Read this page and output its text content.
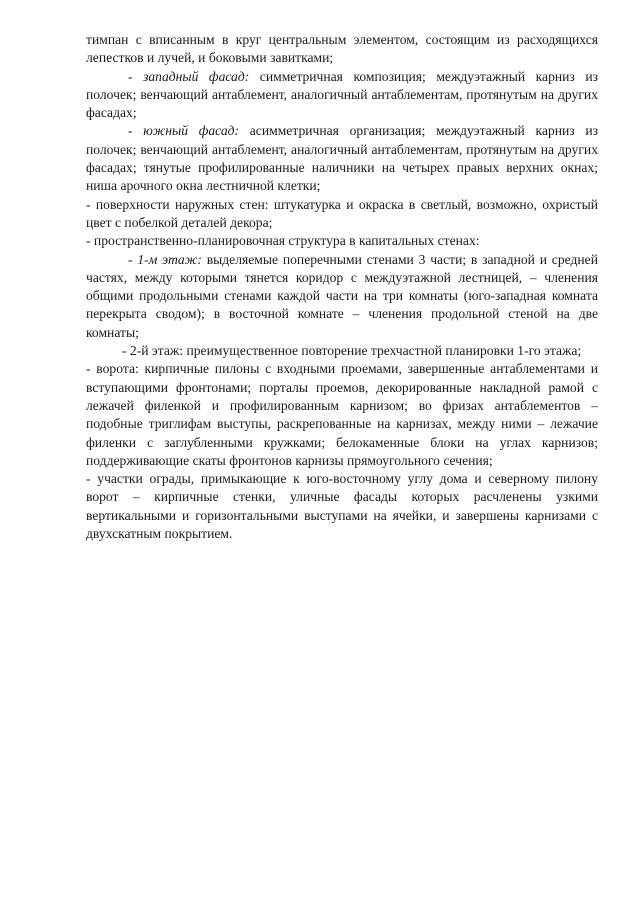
тимпан с вписанным в круг центральным элементом, состоящим из расходящихся лепестков и лучей, и боковыми завитками;

- западный фасад: симметричная композиция; междуэтажный карниз из полочек; венчающий антаблемент, аналогичный антаблементам, протянутым на других фасадах;

- южный фасад: асимметричная организация; междуэтажный карниз из полочек; венчающий антаблемент, аналогичный антаблементам, протянутым на других фасадах; тянутые профилированные наличники на четырех правых верхних окнах; ниша арочного окна лестничной клетки;

- поверхности наружных стен: штукатурка и окраска в светлый, возможно, охристый цвет с побелкой деталей декора;

- пространственно-планировочная структура в капитальных стенах:

- 1-м этаж: выделяемые поперечными стенами 3 части; в западной и средней частях, между которыми тянется коридор с междуэтажной лестницей, – членения общими продольными стенами каждой части на три комнаты (юго-западная комната перекрыта сводом); в восточной комнате – членения продольной стеной на две комнаты;

- 2-й этаж: преимущественное повторение трехчастной планировки 1-го этажа;

- ворота: кирпичные пилоны с входными проемами, завершенные антаблементами и вступающими фронтонами; порталы проемов, декорированные накладной рамой с лежачей филенкой и профилированным карнизом; во фризах антаблементов – подобные триглифам выступы, раскрепованные на карнизах, между ними – лежачие филенки с заглубленными кружками; белокаменные блоки на углах карнизов; поддерживающие скаты фронтонов карнизы прямоугольного сечения;

- участки ограды, примыкающие к юго-восточному углу дома и северному пилону ворот – кирпичные стенки, уличные фасады которых расчленены узкими вертикальными и горизонтальными выступами на ячейки, и завершены карнизами с двухскатным покрытием.
